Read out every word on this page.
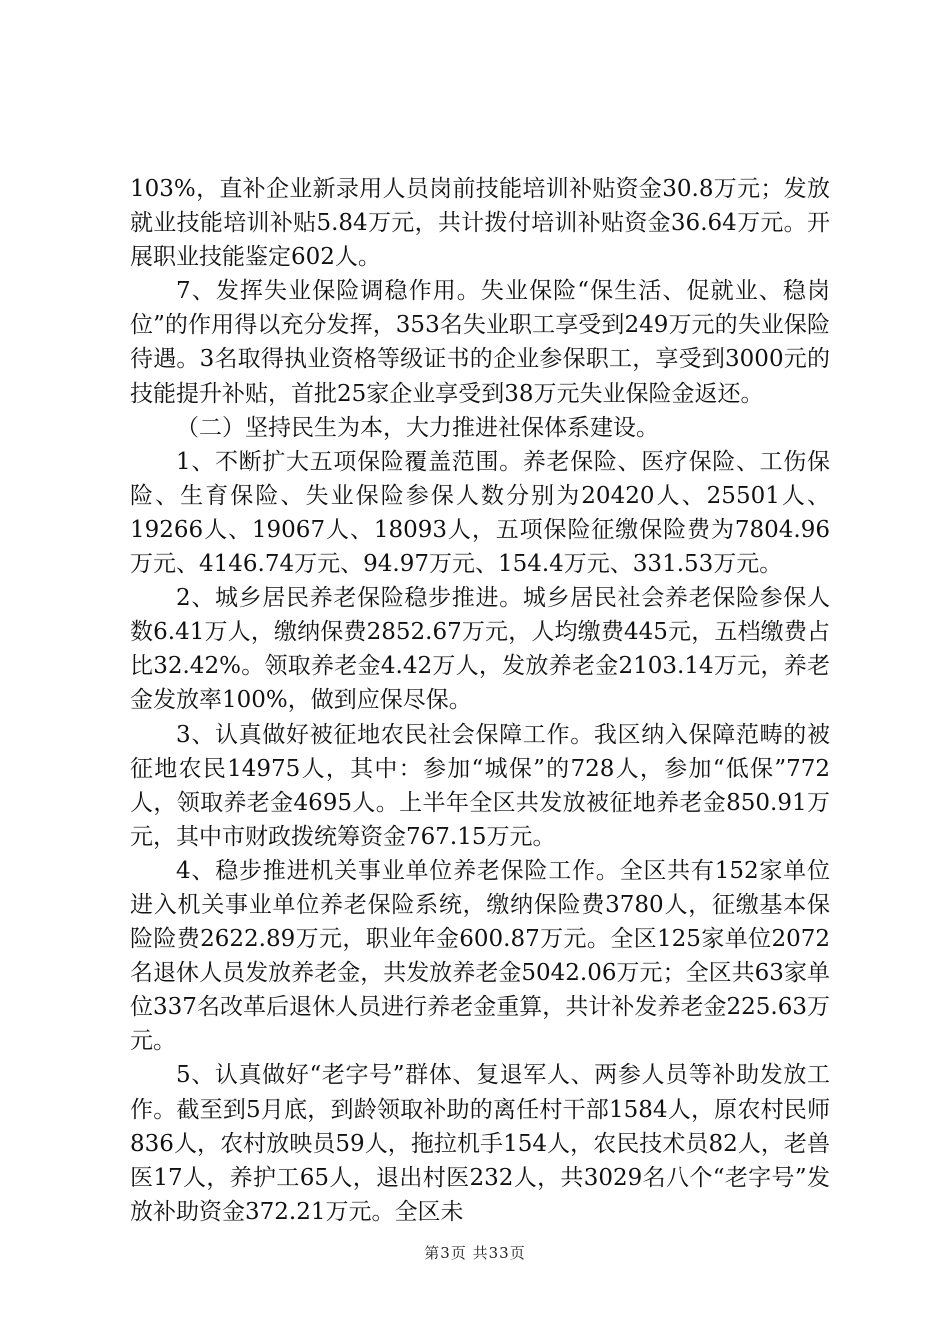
103%，直补企业新录用人员岗前技能培训补贴资金30.8万元；发放就业技能培训补贴5.84万元，共计拨付培训补贴资金36.64万元。开展职业技能鉴定602人。

7、发挥失业保险调稳作用。失业保险“保生活、促就业、稳岗位”的作用得以充分发挥，353名失业职工享受到249万元的失业保险待遇。3名取得执业资格等级证书的企业参保职工，享受到3000元的技能提升补贴，首批25家企业享受到38万元失业保险金返还。

（二）坚持民生为本，大力推进社保体系建设。

1、不断扩大五项保险覆盖范围。养老保险、医疗保险、工伤保险、生育保险、失业保险参保人数分别为20420人、25501人、19266人、19067人、18093人，五项保险征缴保险费为7804.96万元、4146.74万元、94.97万元、154.4万元、331.53万元。

2、城乡居民养老保险稳步推进。城乡居民社会养老保险参保人数6.41万人，缴纳保费2852.67万元，人均缴费445元，五档缴费占比32.42%。领取养老金4.42万人，发放养老金2103.14万元，养老金发放率100%，做到应保尽保。

3、认真做好被征地农民社会保障工作。我区纳入保障范畴的被征地农民14975人，其中：参加“城保”的728人，参加“低保”772人，领取养老金4695人。上半年全区共发放被征地养老金850.91万元，其中市财政拨统筹资金767.15万元。

4、稳步推进机关事业单位养老保险工作。全区共有152家单位进入机关事业单位养老保险系统，缴纳保险费3780人，征缴基本保险险费2622.89万元，职业年金600.87万元。全区125家单位2072名退休人员发放养老金，共发放养老金5042.06万元；全区共63家单位337名改革后退休人员进行养老金重算，共计补发养老金225.63万元。

5、认真做好“老字号”群体、复退军人、两参人员等补助发放工作。截至到5月底，到龄领取补助的离任村干部1584人，原农村民师836人，农村放映员59人，拖拉机手154人，农民技术员82人，老兽医17人，养护工65人，退出村医232人，共3029名八个“老字号”发放补助资金372.21万元。全区未

第3页 共33页
